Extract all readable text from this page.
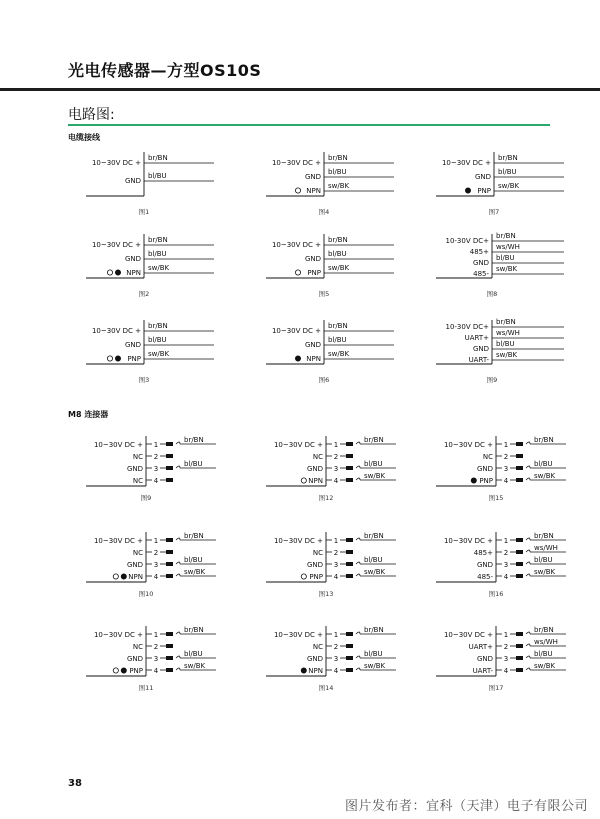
光电传感器—方型OS10S
电路图:
电缆接线
M8 连接器
br/BN
bl/BU
10~30V DC +
GND
图1
br/BN
bl/BU
sw/BK
10~30V DC +
GND
NPN
图4
br/BN
bl/BU
sw/BK
10~30V DC +
GND
PNP
图7
br/BN
bl/BU
sw/BK
10~30V DC +
GND
NPN
图2
br/BN
bl/BU
sw/BK
10~30V DC +
GND
PNP
图5
br/BN
ws/WH
bl/BU
sw/BK
10-30V DC+
485+
GND
485-
图8
br/BN
bl/BU
sw/BK
10~30V DC +
GND
PNP
图3
br/BN
bl/BU
sw/BK
10~30V DC +
GND
NPN
图6
br/BN
ws/WH
bl/BU
sw/BK
10-30V DC+
UART+
GND
UART-
图9
10~30V DC + 1
br/BN
NC 2
GND 3
bl/BU
NC 4
图9
10~30V DC + 1
br/BN
NC 2
GND 3
bl/BU
NPN 4
sw/BK
图12
10~30V DC + 1
br/BN
NC 2
GND 3
bl/BU
PNP 4
sw/BK
图15
10~30V DC + 1
br/BN
NC 2
GND 3
bl/BU
NPN 4
sw/BK
图10
10~30V DC + 1
br/BN
NC 2
GND 3
bl/BU
PNP 4
sw/BK
图13
10~30V DC + 1
br/BN
485+ 2
ws/WH
GND 3
bl/BU
485- 4
sw/BK
图16
10~30V DC + 1
br/BN
NC 2
GND 3
bl/BU
PNP 4
sw/BK
图11
10~30V DC + 1
br/BN
NC 2
GND 3
bl/BU
NPN 4
sw/BK
图14
10~30V DC + 1
br/BN
UART+ 2
ws/WH
GND 3
bl/BU
UART- 4
sw/BK
图17
38
图片发布者：宜科（天津）电子有限公司
